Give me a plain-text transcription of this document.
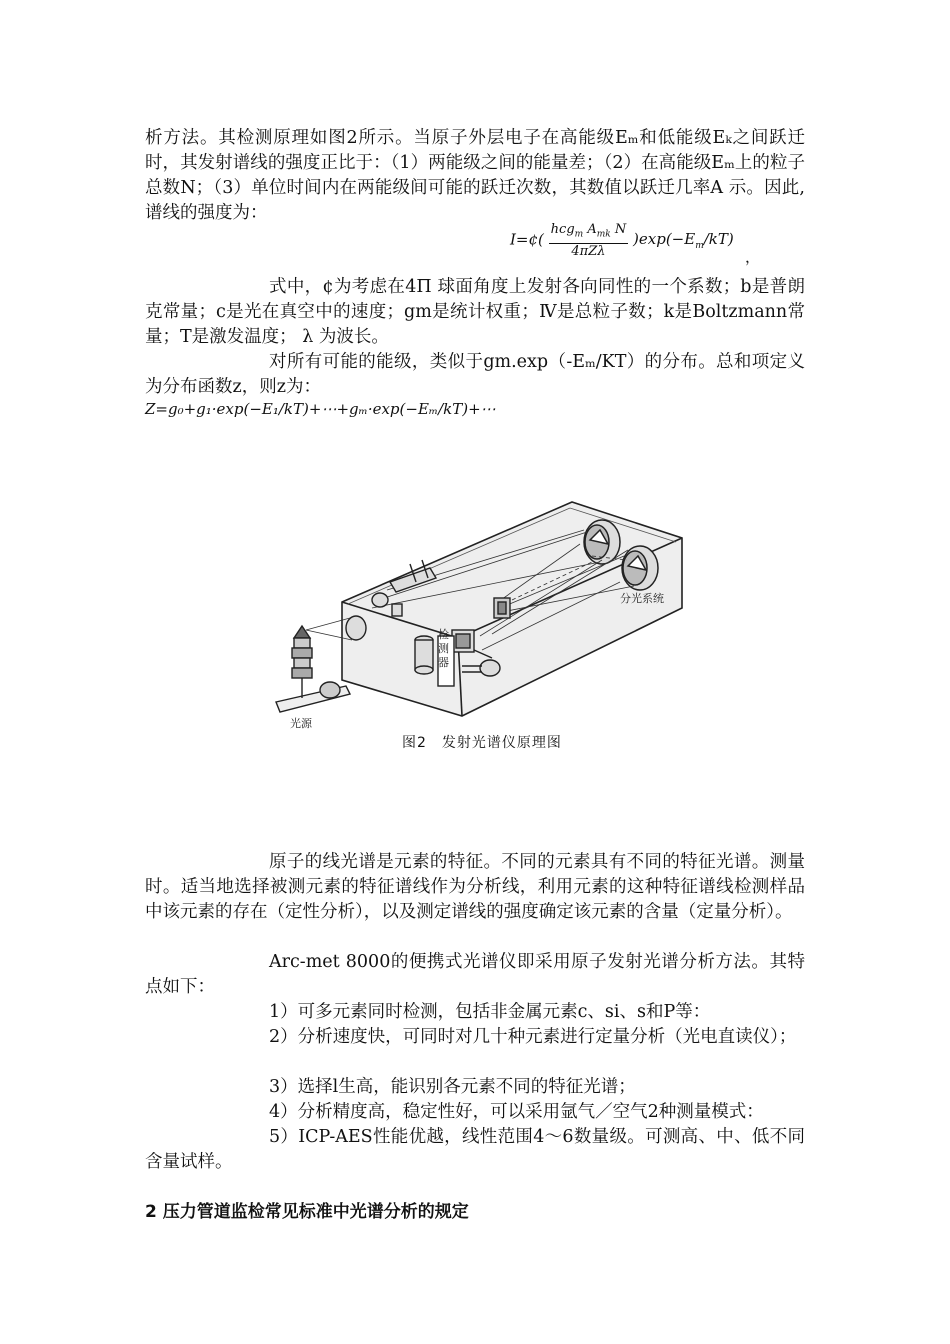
析方法。其检测原理如图2所示。当原子外层电子在高能级Eₘ和低能级Eₖ之间跃迁时，其发射谱线的强度正比于：（1）两能级之间的能量差；（2）在高能级Eₘ上的粒子总数N；（3）单位时间内在两能级间可能的跃迁次数，其数值以跃迁几率A 示。因此,谱线的强度为：
I=¢(
hcg$_m$ $A_{mk}$ N
4πZλ
)$\exp(-E_m/kT)$
，
式中，¢为考虑在4Π 球面角度上发射各向同性的一个系数；b是普朗克常量；c是光在真空中的速度；gm是统计权重；Ⅳ是总粒子数；k是Boltzmann常量；T是激发温度； λ 为波长。
对所有可能的能级，类似于gm.exp（-Eₘ/KT）的分布。总和项定义为分布函数z，则z为：
Z=g₀+g₁·exp(−E₁/kT)+⋯+gₘ·exp(−Eₘ/kT)+⋯
分光系统
检测器
光源
图2　发射光谱仪原理图
原子的线光谱是元素的特征。不同的元素具有不同的特征光谱。测量时。适当地选择被测元素的特征谱线作为分析线，利用元素的这种特征谱线检测样品中该元素的存在（定性分析），以及测定谱线的强度确定该元素的含量（定量分析）。
Arc-met 8000的便携式光谱仪即采用原子发射光谱分析方法。其特点如下：
1）可多元素同时检测，包括非金属元素c、si、s和P等：
2）分析速度快，可同时对几十种元素进行定量分析（光电直读仪）；
3）选择l生高，能识别各元素不同的特征光谱；
4）分析精度高，稳定性好，可以采用氩气／空气2种测量模式：
5）ICP-AES性能优越，线性范围4～6数量级。可测高、中、低不同含量试样。
2 压力管道监检常见标准中光谱分析的规定
